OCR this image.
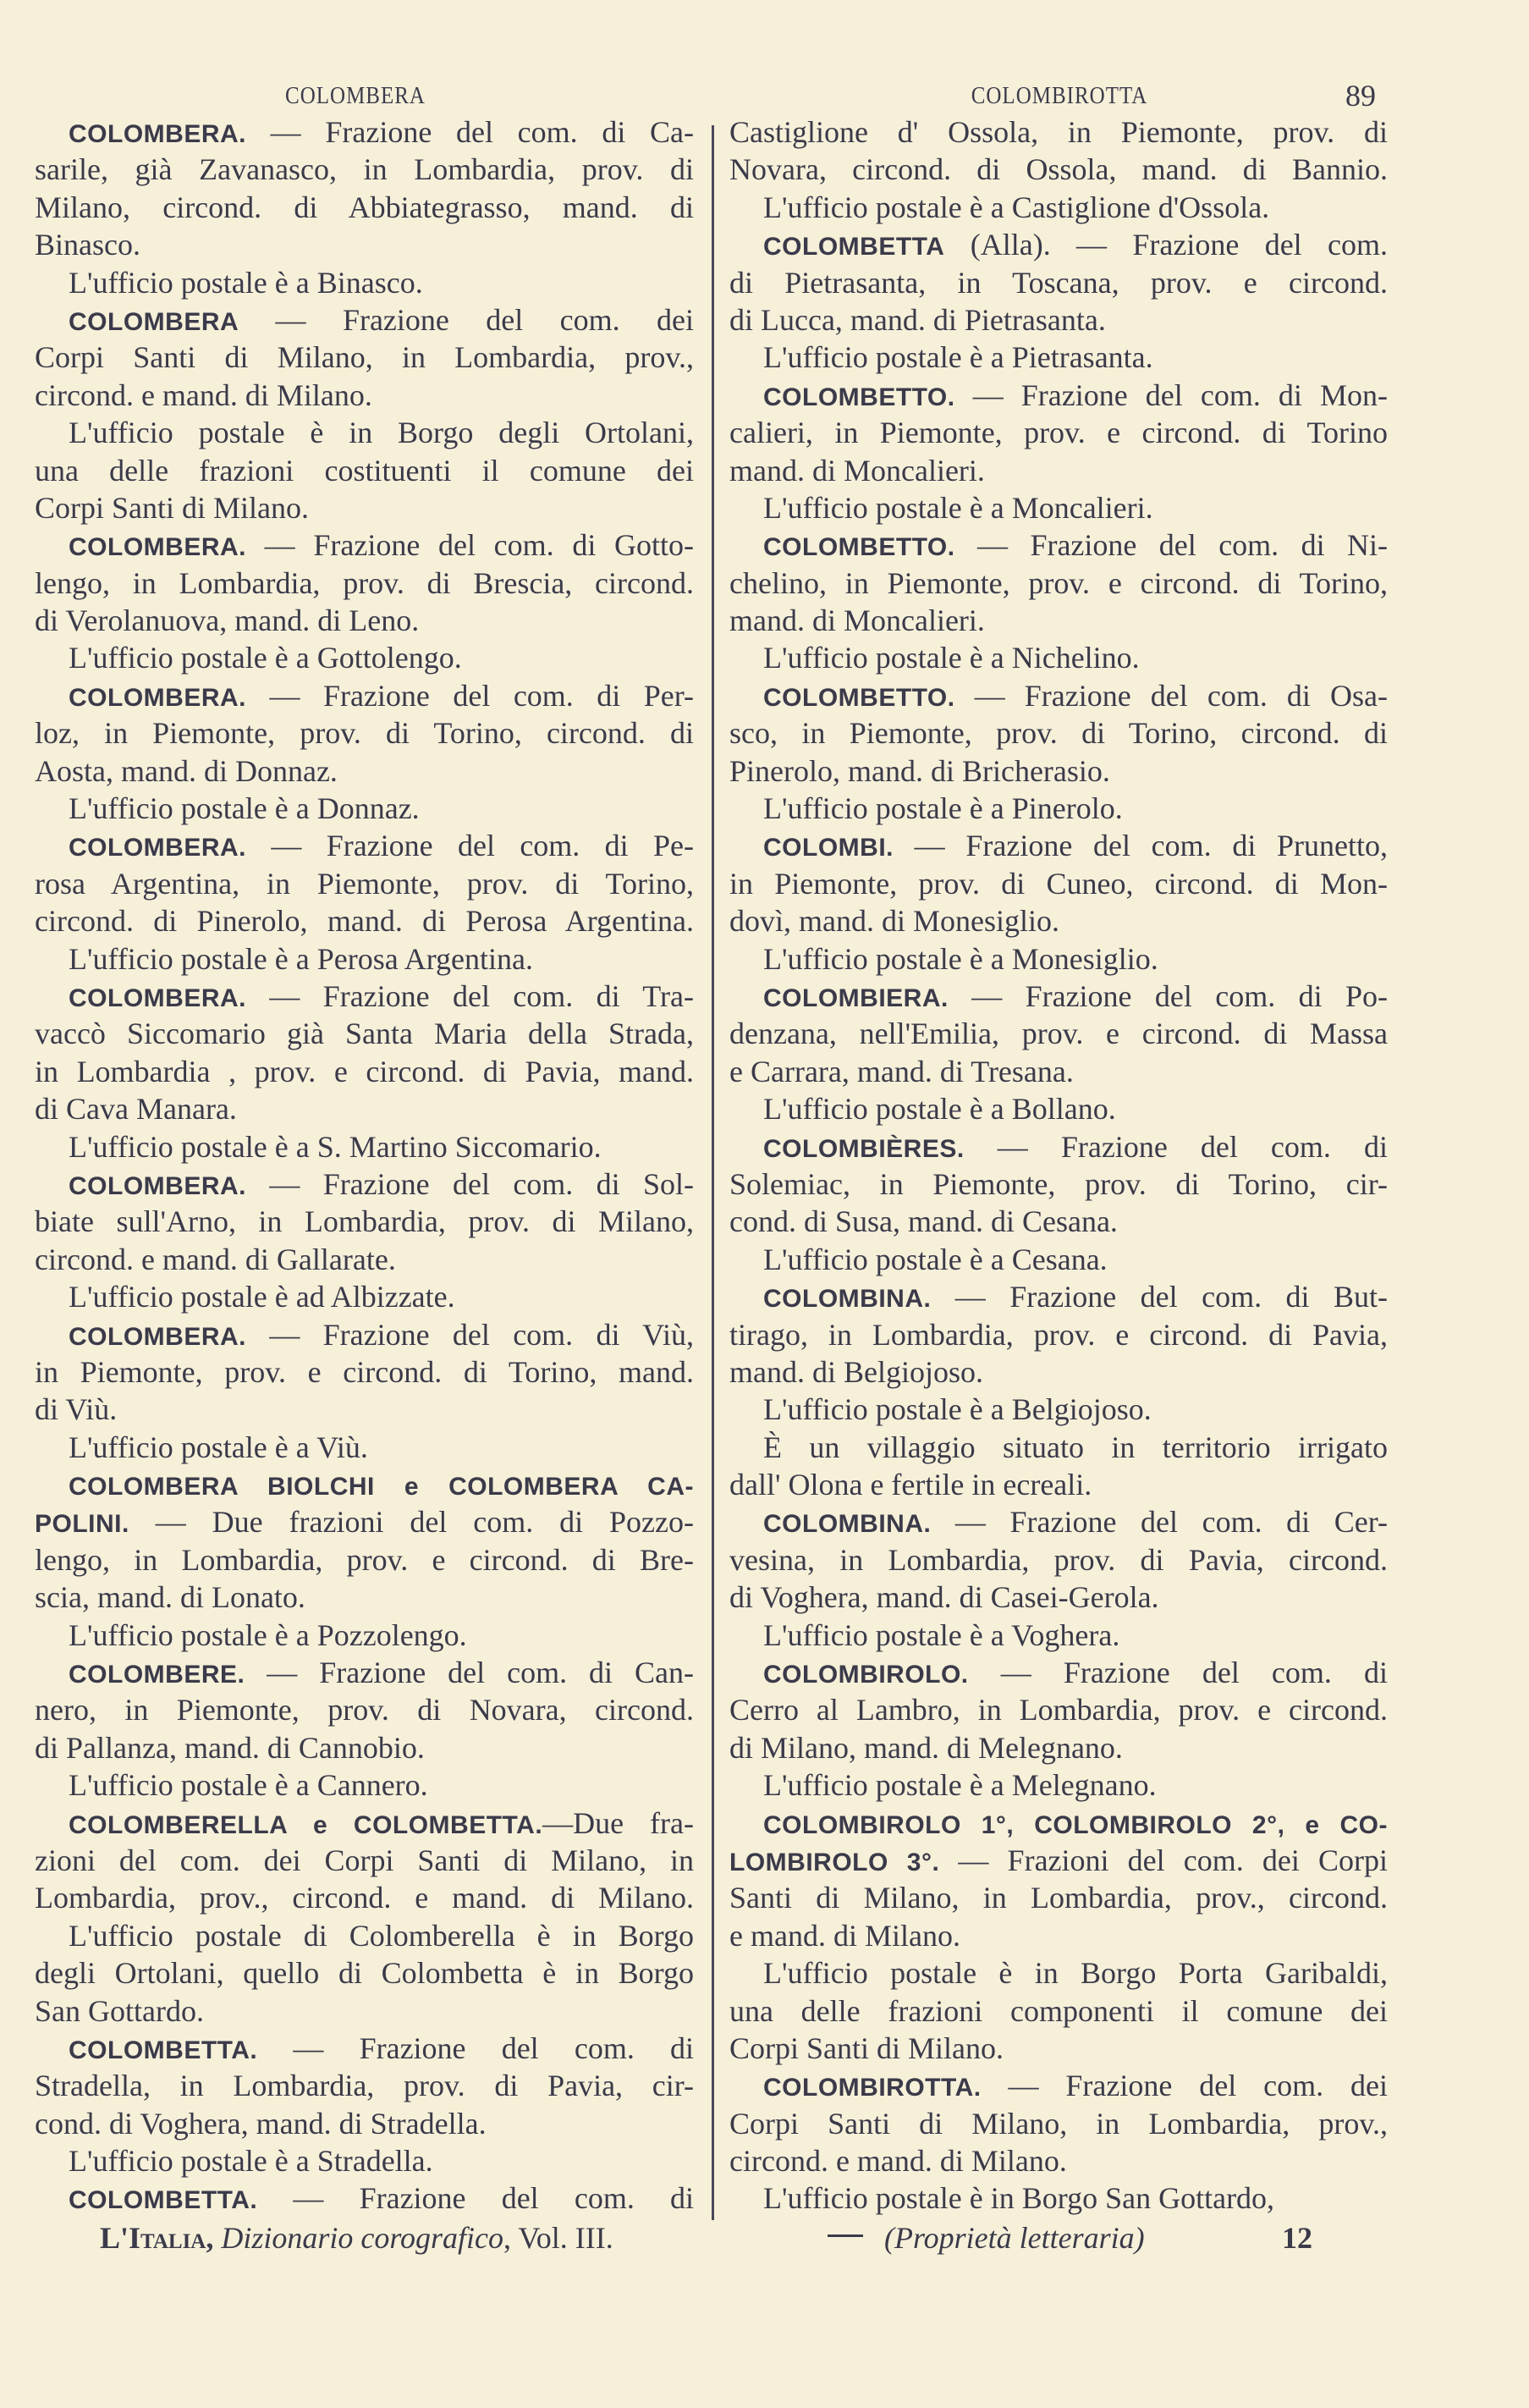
COLOMBERA	COLOMBIROTTA	89
COLOMBERA. — Frazione del com. di Ca-
sarile, già Zavanasco, in Lombardia, prov. di
Milano, circond. di Abbiategrasso, mand. di
Binasco.
L'ufficio postale è a Binasco.
COLOMBERA — Frazione del com. dei
Corpi Santi di Milano, in Lombardia, prov.,
circond. e mand. di Milano.
L'ufficio postale è in Borgo degli Ortolani,
una delle frazioni costituenti il comune dei
Corpi Santi di Milano.
COLOMBERA. — Frazione del com. di Gotto-
lengo, in Lombardia, prov. di Brescia, circond.
di Verolanuova, mand. di Leno.
L'ufficio postale è a Gottolengo.
COLOMBERA. — Frazione del com. di Per-
loz, in Piemonte, prov. di Torino, circond. di
Aosta, mand. di Donnaz.
L'ufficio postale è a Donnaz.
COLOMBERA. — Frazione del com. di Pe-
rosa Argentina, in Piemonte, prov. di Torino,
circond. di Pinerolo, mand. di Perosa Argentina.
L'ufficio postale è a Perosa Argentina.
COLOMBERA. — Frazione del com. di Tra-
vaccò Siccomario già Santa Maria della Strada,
in Lombardia , prov. e circond. di Pavia, mand.
di Cava Manara.
L'ufficio postale è a S. Martino Siccomario.
COLOMBERA. — Frazione del com. di Sol-
biate sull'Arno, in Lombardia, prov. di Milano,
circond. e mand. di Gallarate.
L'ufficio postale è ad Albizzate.
COLOMBERA. — Frazione del com. di Viù,
in Piemonte, prov. e circond. di Torino, mand.
di Viù.
L'ufficio postale è a Viù.
COLOMBERA BIOLCHI e COLOMBERA CA-
POLINI. — Due frazioni del com. di Pozzo-
lengo, in Lombardia, prov. e circond. di Bre-
scia, mand. di Lonato.
L'ufficio postale è a Pozzolengo.
COLOMBERE. — Frazione del com. di Can-
nero, in Piemonte, prov. di Novara, circond.
di Pallanza, mand. di Cannobio.
L'ufficio postale è a Cannero.
COLOMBERELLA e COLOMBETTA.—Due fra-
zioni del com. dei Corpi Santi di Milano, in
Lombardia, prov., circond. e mand. di Milano.
L'ufficio postale di Colomberella è in Borgo
degli Ortolani, quello di Colombetta è in Borgo
San Gottardo.
COLOMBETTA. — Frazione del com. di
Stradella, in Lombardia, prov. di Pavia, cir-
cond. di Voghera, mand. di Stradella.
L'ufficio postale è a Stradella.
COLOMBETTA. — Frazione del com. di
Castiglione d' Ossola, in Piemonte, prov. di
Novara, circond. di Ossola, mand. di Bannio.
L'ufficio postale è a Castiglione d'Ossola.
COLOMBETTA (Alla). — Frazione del com.
di Pietrasanta, in Toscana, prov. e circond.
di Lucca, mand. di Pietrasanta.
L'ufficio postale è a Pietrasanta.
COLOMBETTO. — Frazione del com. di Mon-
calieri, in Piemonte, prov. e circond. di Torino
mand. di Moncalieri.
L'ufficio postale è a Moncalieri.
COLOMBETTO. — Frazione del com. di Ni-
chelino, in Piemonte, prov. e circond. di Torino,
mand. di Moncalieri.
L'ufficio postale è a Nichelino.
COLOMBETTO. — Frazione del com. di Osa-
sco, in Piemonte, prov. di Torino, circond. di
Pinerolo, mand. di Bricherasio.
L'ufficio postale è a Pinerolo.
COLOMBI. — Frazione del com. di Prunetto,
in Piemonte, prov. di Cuneo, circond. di Mon-
dovì, mand. di Monesiglio.
L'ufficio postale è a Monesiglio.
COLOMBIERA. — Frazione del com. di Po-
denzana, nell'Emilia, prov. e circond. di Massa
e Carrara, mand. di Tresana.
L'ufficio postale è a Bollano.
COLOMBIÈRES. — Frazione del com. di
Solemiac, in Piemonte, prov. di Torino, cir-
cond. di Susa, mand. di Cesana.
L'ufficio postale è a Cesana.
COLOMBINA. — Frazione del com. di But-
tirago, in Lombardia, prov. e circond. di Pavia,
mand. di Belgiojoso.
L'ufficio postale è a Belgiojoso.
È un villaggio situato in territorio irrigato
dall' Olona e fertile in ecreali.
COLOMBINA. — Frazione del com. di Cer-
vesina, in Lombardia, prov. di Pavia, circond.
di Voghera, mand. di Casei-Gerola.
L'ufficio postale è a Voghera.
COLOMBIROLO. — Frazione del com. di
Cerro al Lambro, in Lombardia, prov. e circond.
di Milano, mand. di Melegnano.
L'ufficio postale è a Melegnano.
COLOMBIROLO 1°, COLOMBIROLO 2°, e CO-
LOMBIROLO 3°. — Frazioni del com. dei Corpi
Santi di Milano, in Lombardia, prov., circond.
e mand. di Milano.
L'ufficio postale è in Borgo Porta Garibaldi,
una delle frazioni componenti il comune dei
Corpi Santi di Milano.
COLOMBIROTTA. — Frazione del com. dei
Corpi Santi di Milano, in Lombardia, prov.,
circond. e mand. di Milano.
L'ufficio postale è in Borgo San Gottardo,
L'Italia, Dizionario corografico, Vol. III.	(Proprietà letteraria)	12
